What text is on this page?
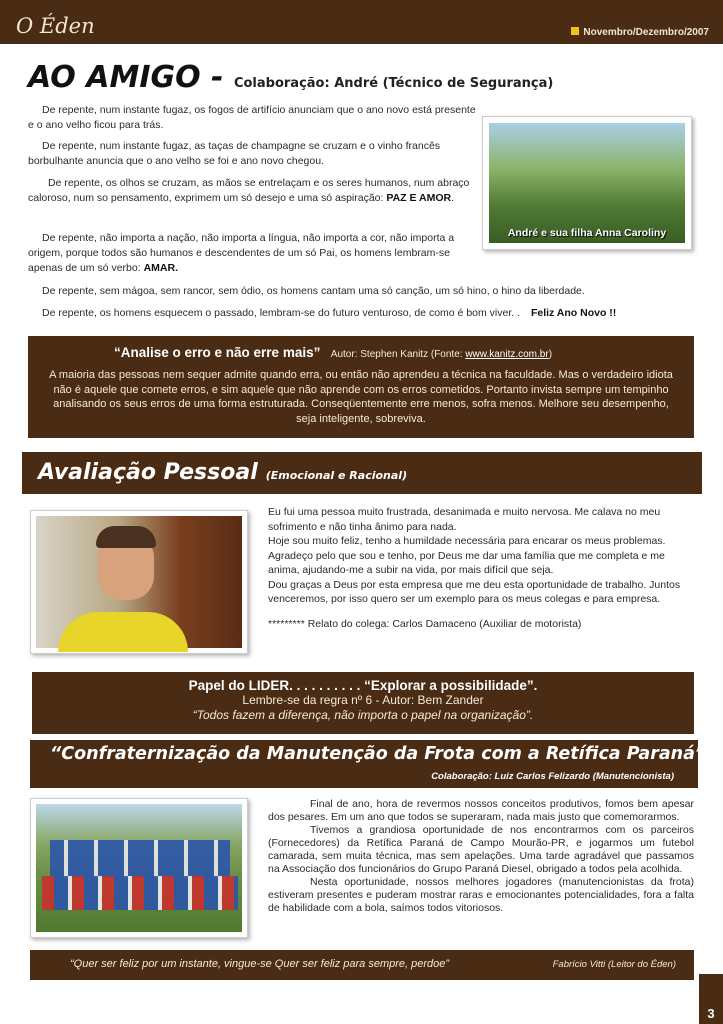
O Éden	Novembro/Dezembro/2007
AO AMIGO - Colaboração: André (Técnico de Segurança)
De repente, num instante fugaz, os fogos de artifício anunciam que o ano novo está presente e o ano velho ficou para trás.
De repente, num instante fugaz, as taças de champagne se cruzam e o vinho francês borbulhante anuncia que o ano velho se foi e ano novo chegou.
De repente, os olhos se cruzam, as mãos se entrelaçam e os seres humanos, num abraço caloroso, num so pensamento, exprimem um só desejo e uma só aspiração: PAZ E AMOR.
De repente, não importa a nação, não importa a língua, não importa a cor, não importa a origem, porque todos são humanos e descendentes de um só Pai, os homens lembram-se apenas de um só verbo: AMAR.
De repente, sem mágoa, sem rancor, sem ódio, os homens cantam uma só canção, um só hino, o hino da liberdade.
De repente, os homens esquecem o passado, lembram-se do futuro venturoso, de como é bom viver. . Feliz Ano Novo !!
André e sua filha Anna Caroliny
“Analise o erro e não erre mais” Autor: Stephen Kanitz (Fonte: www.kanitz.com.br)
A maioria das pessoas nem sequer admite quando erra, ou então não aprendeu a técnica na faculdade. Mas o verdadeiro idiota não é aquele que comete erros, e sim aquele que não aprende com os erros cometidos. Portanto invista sempre um tempinho analisando os seus erros de uma forma estruturada. Conseqüentemente erre menos, sofra menos. Melhore seu desempenho, seja inteligente, sobreviva.
Avaliação Pessoal (Emocional e Racional)

Eu fui uma pessoa muito frustrada, desanimada e muito nervosa. Me calava no meu sofrimento e não tinha ânimo para nada.

Hoje sou muito feliz, tenho a humildade necessária para encarar os meus problemas. Agradeço pelo que sou e tenho, por Deus me dar uma família que me completa e me anima, ajudando-me a subir na vida, por mais difícil que seja.

Dou graças a Deus por esta empresa que me deu esta oportunidade de trabalho. Juntos venceremos, por isso quero ser um exemplo para os meus colegas e para empresa.

********* Relato do colega: Carlos Damaceno (Auxiliar de motorista)

Papel do LIDER. . . . . . . . . . “Explorar a possibilidade”.
Lembre-se da regra nº 6 - Autor: Bem Zander
“Todos fazem a diferença, não importa o papel na organização”.
“Confraternização da Manutenção da Frota com a Retífica Paraná”
Colaboração: Luiz Carlos Felizardo (Manutencionista)

Final de ano, hora de revermos nossos conceitos produtivos, fomos bem apesar dos pesares. Em um ano que todos se superaram, nada mais justo que comemorarmos.

Tivemos a grandiosa oportunidade de nos encontrarmos com os parceiros (Fornecedores) da Retífica Paraná de Campo Mourão-PR, e jogarmos um futebol camarada, sem muita técnica, mas sem apelações. Uma tarde agradável que passamos na Associação dos funcionários do Grupo Paraná Diesel, obrigado a todos pela acolhida.

Nesta oportunidade, nossos melhores jogadores (manutencionistas da frota) estiveram presentes e puderam mostrar raras e emocionantes potencialidades, fora a falta de habilidade com a bola, saímos todos vitoriosos.

“Quer ser feliz por um instante, vingue-se Quer ser feliz para sempre, perdoe”	Fabrício Vitti (Leitor do Éden)
3
